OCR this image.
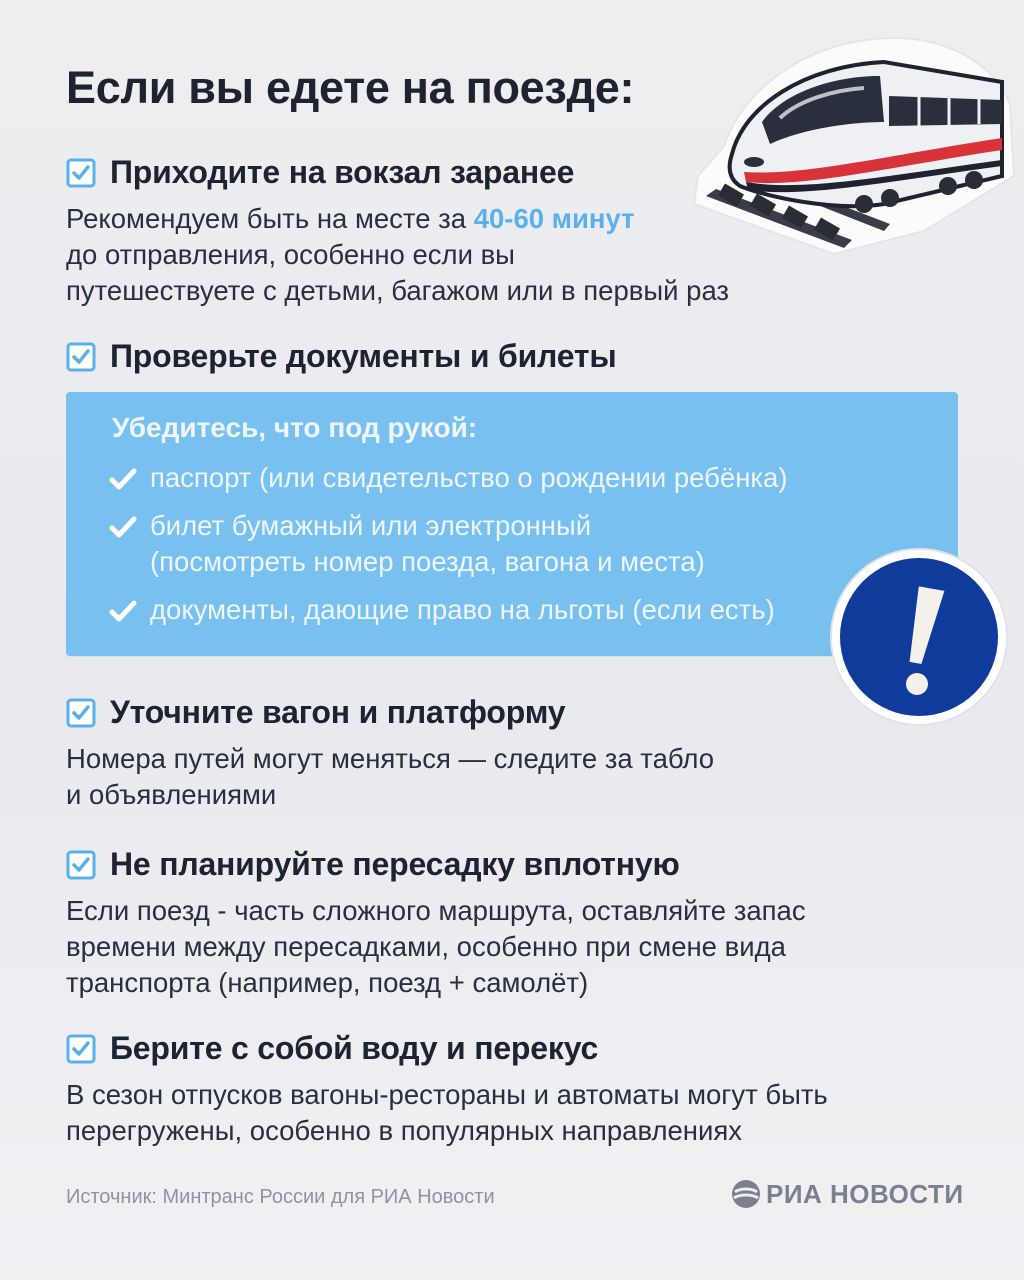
Если вы едете на поезде:
Приходите на вокзал заранее

Рекомендуем быть на месте за 40-60 минут
до отправления, особенно если вы
путешествуете с детьми, багажом или в первый раз

Проверьте документы и билеты

Убедитесь, что под рукой:

паспорт (или свидетельство о рождении ребёнка)
билет бумажный или электронный
(посмотреть номер поезда, вагона и места)
документы, дающие право на льготы (если есть)
Уточните вагон и платформу

Номера путей могут меняться — следите за табло
и объявлениями

Не планируйте пересадку вплотную

Если поезд - часть сложного маршрута, оставляйте запас
времени между пересадками, особенно при смене вида
транспорта (например, поезд + самолёт)

Берите с собой воду и перекус

В сезон отпусков вагоны-рестораны и автоматы могут быть
перегружены, особенно в популярных направлениях

Источник: Минтранс России для РИА Новости	РИА НОВОСТИ
